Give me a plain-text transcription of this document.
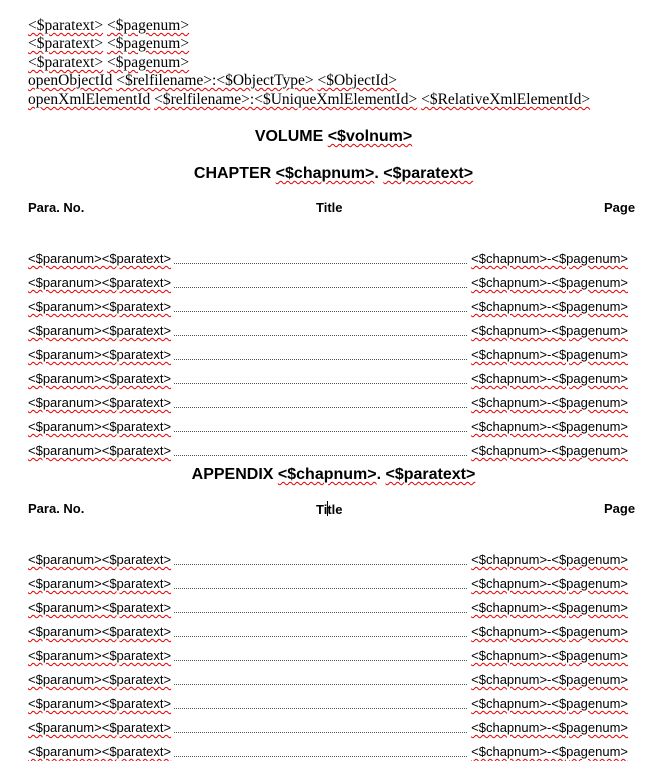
<$paratext> <$pagenum>
<$paratext> <$pagenum>
<$paratext> <$pagenum>
openObjectId <$relfilename>:<$ObjectType> <$ObjectId>
openXmlElementId <$relfilename>:<$UniqueXmlElementId> <$RelativeXmlElementId>
VOLUME <$volnum>
CHAPTER <$chapnum>. <$paratext>
Para. No.	Title	Page
<$paranum><$paratext>	<$chapnum>-<$pagenum>
<$paranum><$paratext>	<$chapnum>-<$pagenum>
<$paranum><$paratext>	<$chapnum>-<$pagenum>
<$paranum><$paratext>	<$chapnum>-<$pagenum>
<$paranum><$paratext>	<$chapnum>-<$pagenum>
<$paranum><$paratext>	<$chapnum>-<$pagenum>
<$paranum><$paratext>	<$chapnum>-<$pagenum>
<$paranum><$paratext>	<$chapnum>-<$pagenum>
<$paranum><$paratext>	<$chapnum>-<$pagenum>
APPENDIX <$chapnum>. <$paratext>
Para. No.	Title	Page
<$paranum><$paratext>	<$chapnum>-<$pagenum>
<$paranum><$paratext>	<$chapnum>-<$pagenum>
<$paranum><$paratext>	<$chapnum>-<$pagenum>
<$paranum><$paratext>	<$chapnum>-<$pagenum>
<$paranum><$paratext>	<$chapnum>-<$pagenum>
<$paranum><$paratext>	<$chapnum>-<$pagenum>
<$paranum><$paratext>	<$chapnum>-<$pagenum>
<$paranum><$paratext>	<$chapnum>-<$pagenum>
<$paranum><$paratext>	<$chapnum>-<$pagenum>
